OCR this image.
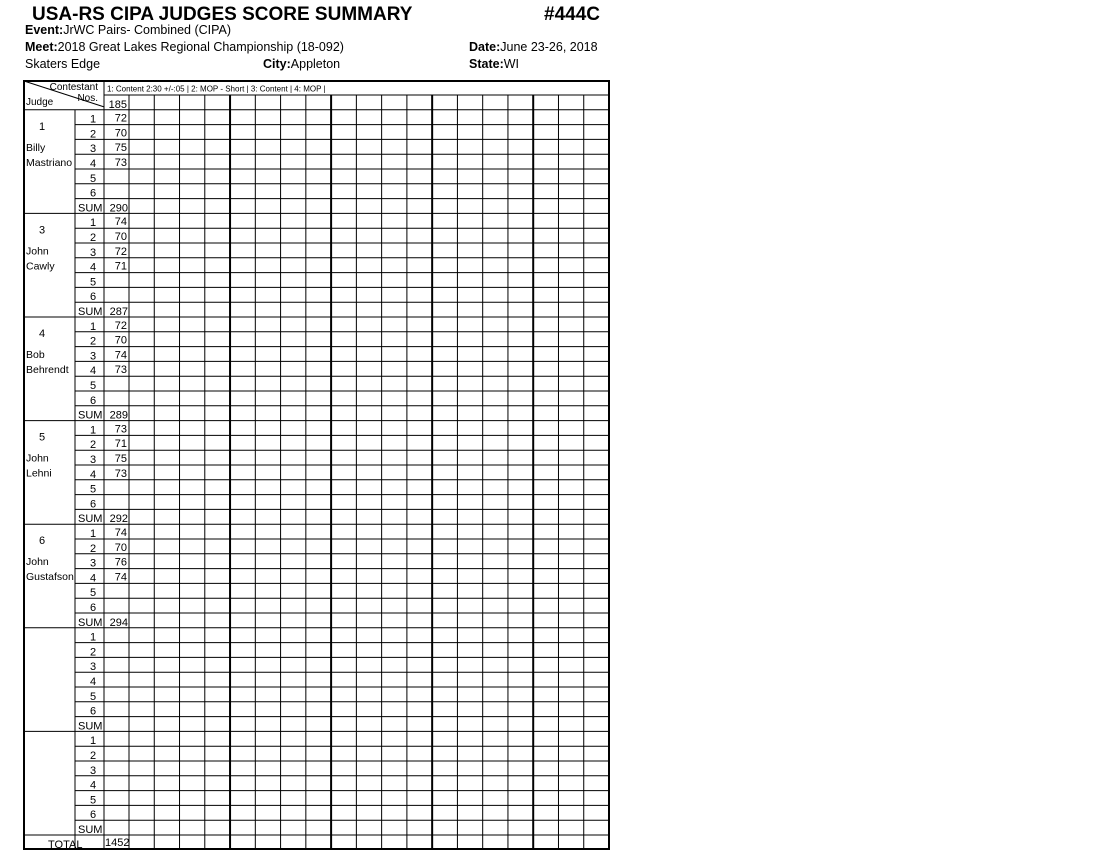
USA-RS CIPA JUDGES SCORE SUMMARY	#444C
Event:JrWC Pairs- Combined (CIPA)
Meet:2018 Great Lakes Regional Championship (18-092)	Date:June 23-26, 2018
Skaters Edge	City:Appleton	State:WI
Contestant
Nos.
Judge
1: Content 2:30 +/-:05 | 2: MOP - Short | 3: Content | 4: MOP |
185
1
Billy
Mastriano
1 72
2 70
3 75
4 73
5
6
SUM 290
3
John
Cawly
1 74
2 70
3 72
4 71
5
6
SUM 287
4
Bob
Behrendt
1 72
2 70
3 74
4 73
5
6
SUM 289
5
John
Lehni
1 73
2 71
3 75
4 73
5
6
SUM 292
6
John
Gustafson
1 74
2 70
3 76
4 74
5
6
SUM 294
1
2
3
4
5
6
SUM
1
2
3
4
5
6
SUM
TOTAL 1452
